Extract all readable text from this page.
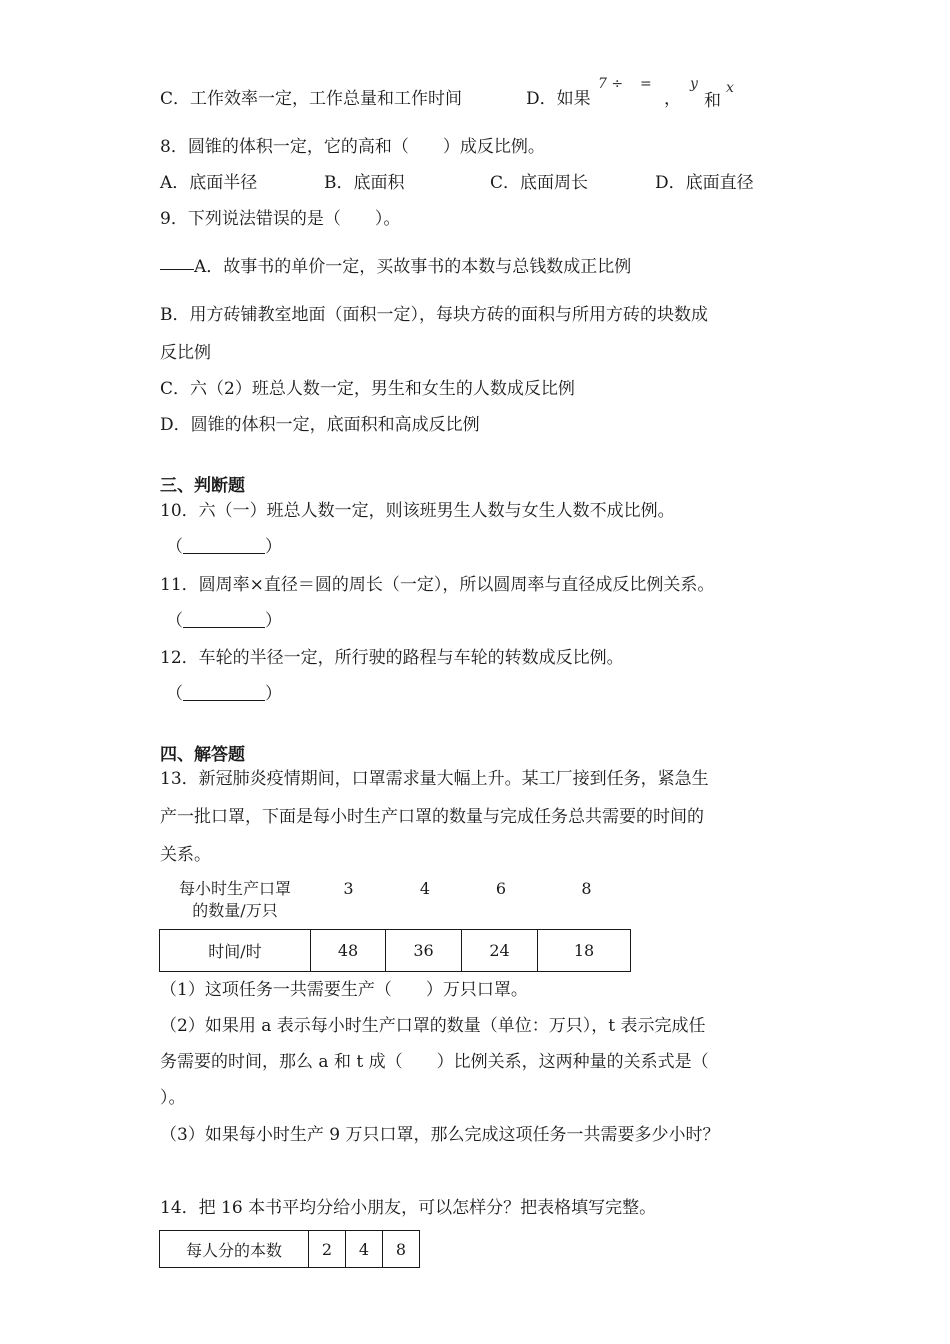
C．工作效率一定，工作总量和工作时间	D．如果
7 ÷ =
，
y
和
x
8．圆锥的体积一定，它的高和（　　）成反比例。
A．底面半径	B．底面积	C．底面周长	D．底面直径
9．下列说法错误的是（　　）。
A．故事书的单价一定，买故事书的本数与总钱数成正比例
B．用方砖铺教室地面（面积一定），每块方砖的面积与所用方砖的块数成
反比例
C．六（2）班总人数一定，男生和女生的人数成反比例
D．圆锥的体积一定，底面积和高成反比例
三、判断题
10．六（一）班总人数一定，则该班男生人数与女生人数不成比例。
（	）
11．圆周率×直径＝圆的周长（一定），所以圆周率与直径成反比例关系。
（	）
12．车轮的半径一定，所行驶的路程与车轮的转数成反比例。
（	）
四、解答题
13．新冠肺炎疫情期间，口罩需求量大幅上升。某工厂接到任务，紧急生
产一批口罩，下面是每小时生产口罩的数量与完成任务总共需要的时间的
关系。
每小时生产口罩
的数量/万只
3	4	6	8
时间/时	48	36	24	18
（1）这项任务一共需要生产（　　）万只口罩。
（2）如果用 a 表示每小时生产口罩的数量（单位：万只），t 表示完成任
务需要的时间，那么 a 和 t 成（　　）比例关系，这两种量的关系式是（
）。
（3）如果每小时生产 9 万只口罩，那么完成这项任务一共需要多少小时？
14．把 16 本书平均分给小朋友，可以怎样分？把表格填写完整。
每人分的本数	2	4	8
